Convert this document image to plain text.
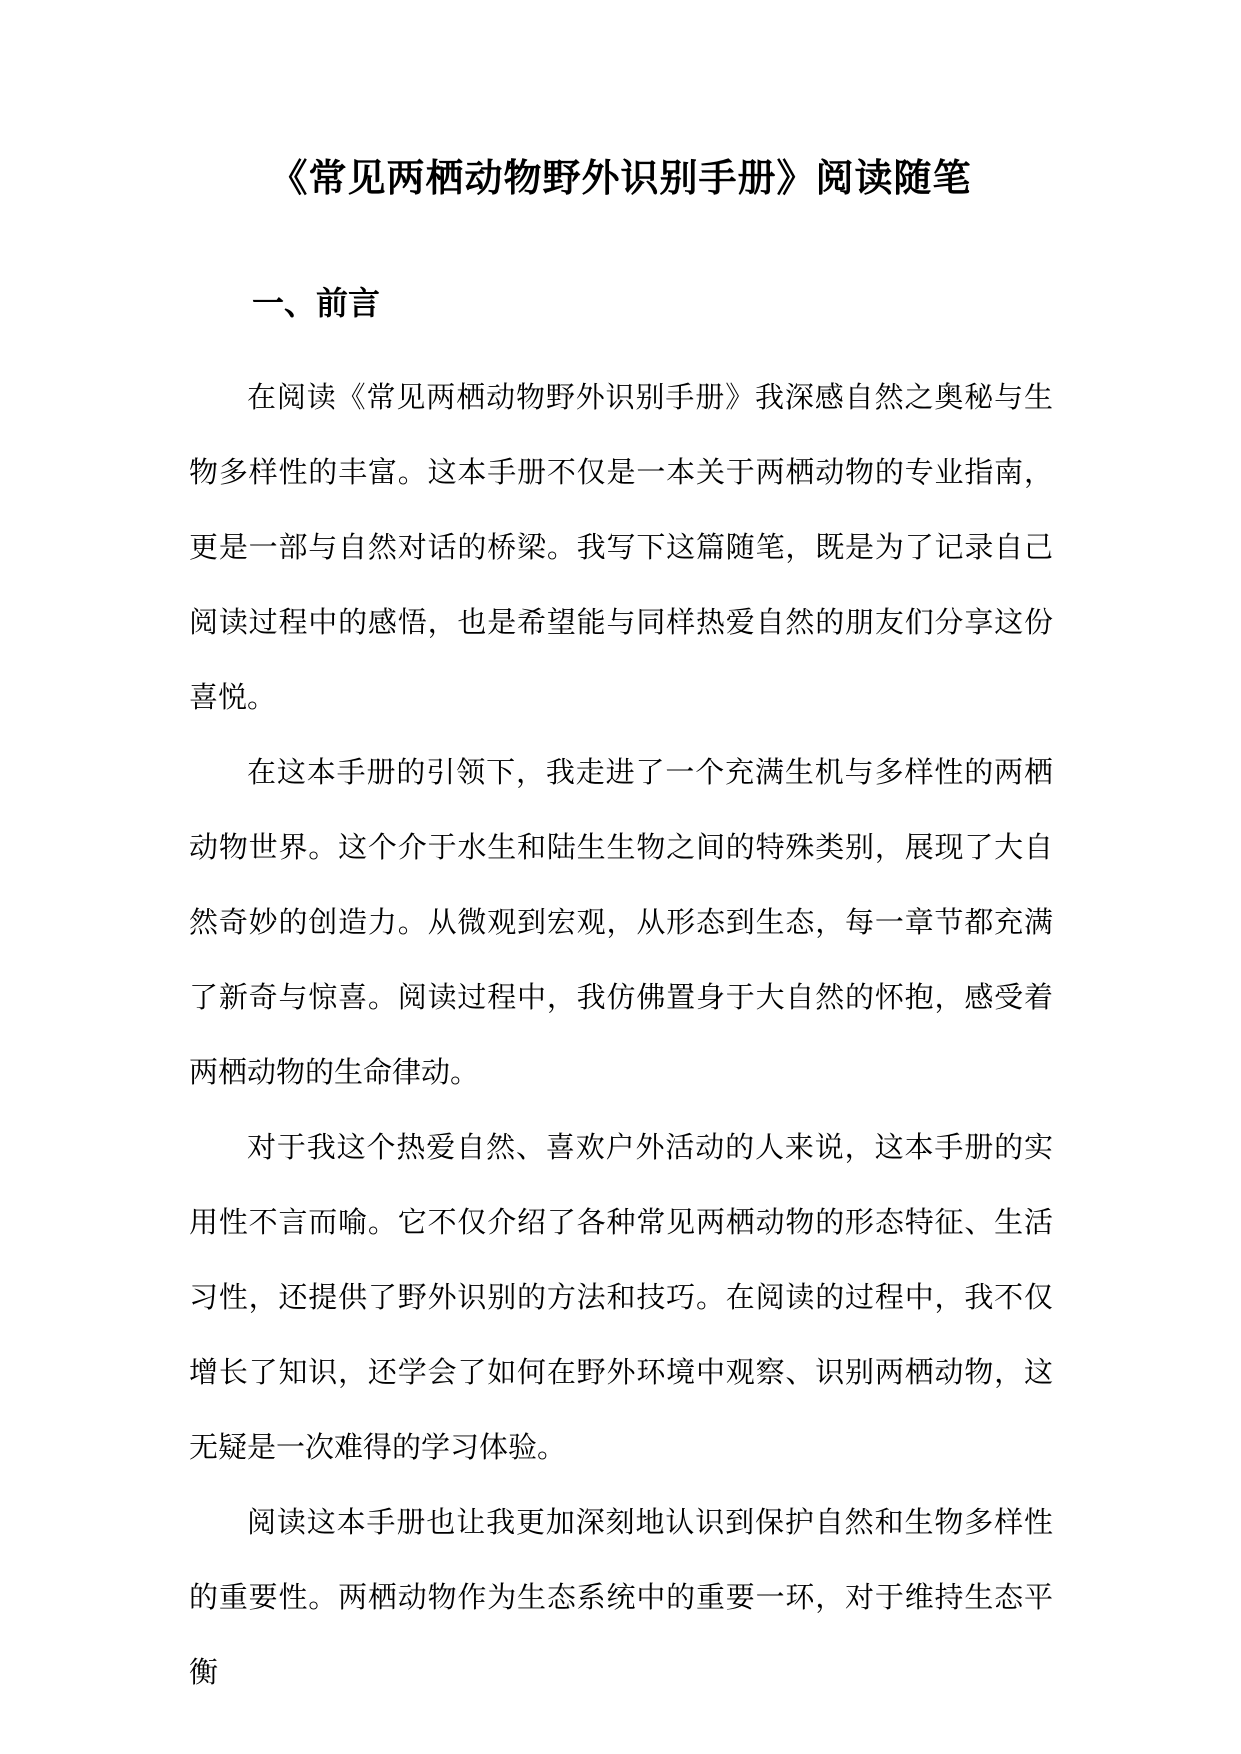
《常见两栖动物野外识别手册》阅读随笔
一、前言

在阅读《常见两栖动物野外识别手册》我深感自然之奥秘与生物多样性的丰富。这本手册不仅是一本关于两栖动物的专业指南，更是一部与自然对话的桥梁。我写下这篇随笔，既是为了记录自己阅读过程中的感悟，也是希望能与同样热爱自然的朋友们分享这份喜悦。

在这本手册的引领下，我走进了一个充满生机与多样性的两栖动物世界。这个介于水生和陆生生物之间的特殊类别，展现了大自然奇妙的创造力。从微观到宏观，从形态到生态，每一章节都充满了新奇与惊喜。阅读过程中，我仿佛置身于大自然的怀抱，感受着两栖动物的生命律动。

对于我这个热爱自然、喜欢户外活动的人来说，这本手册的实用性不言而喻。它不仅介绍了各种常见两栖动物的形态特征、生活习性，还提供了野外识别的方法和技巧。在阅读的过程中，我不仅增长了知识，还学会了如何在野外环境中观察、识别两栖动物，这无疑是一次难得的学习体验。

阅读这本手册也让我更加深刻地认识到保护自然和生物多样性的重要性。两栖动物作为生态系统中的重要一环，对于维持生态平衡
